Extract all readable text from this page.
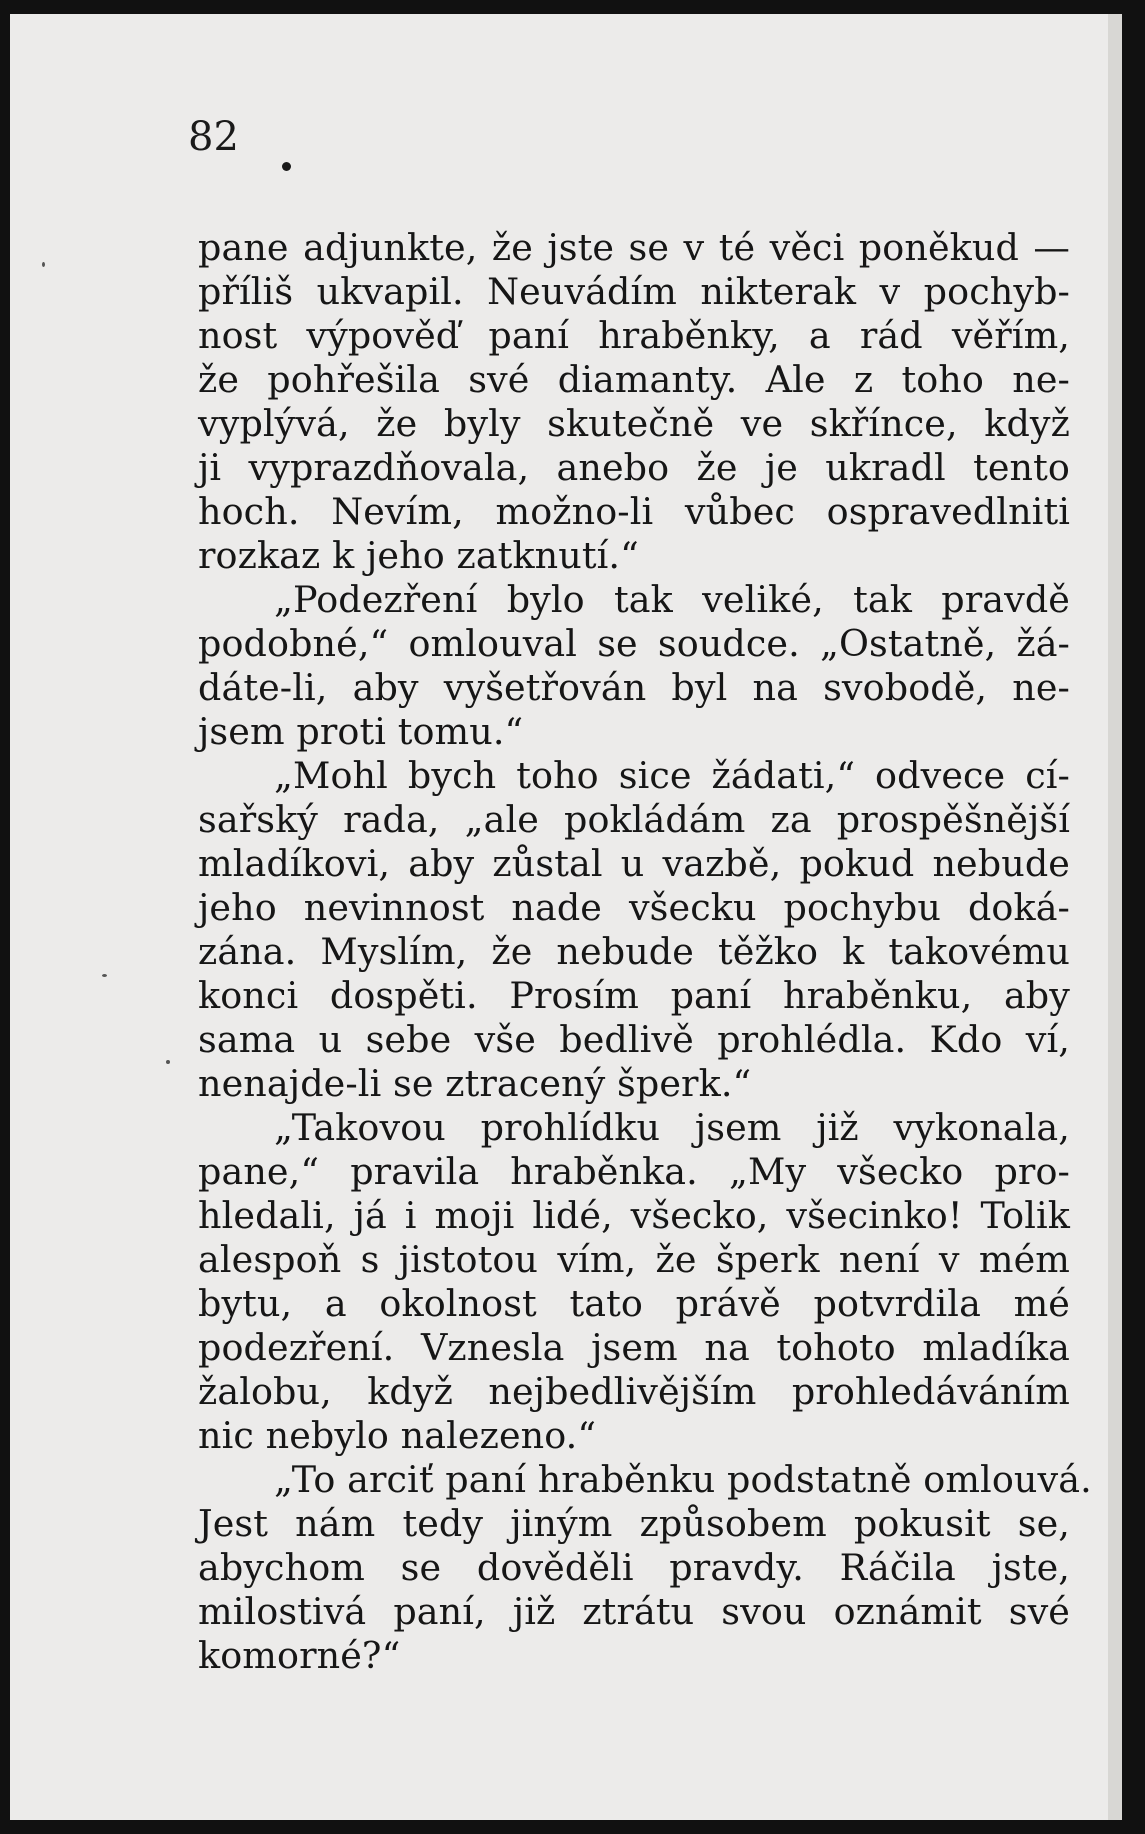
82

pane adjunkte, že jste se v té věci poněkud —
příliš ukvapil. Neuvádím nikterak v pochyb-
nost výpověď paní hraběnky, a rád věřím,
že pohřešila své diamanty. Ale z toho ne-
vyplývá, že byly skutečně ve skřínce, když
ji vyprazdňovala, anebo že je ukradl tento
hoch. Nevím, možno-li vůbec ospravedlniti
rozkaz k jeho zatknutí.“
„Podezření bylo tak veliké, tak pravdě
podobné,“ omlouval se soudce. „Ostatně, žá-
dáte-li, aby vyšetřován byl na svobodě, ne-
jsem proti tomu.“
„Mohl bych toho sice žádati,“ odvece cí-
sařský rada, „ale pokládám za prospěšnější
mladíkovi, aby zůstal u vazbě, pokud nebude
jeho nevinnost nade všecku pochybu doká-
zána. Myslím, že nebude těžko k takovému
konci dospěti. Prosím paní hraběnku, aby
sama u sebe vše bedlivě prohlédla. Kdo ví,
nenajde-li se ztracený šperk.“
„Takovou prohlídku jsem již vykonala,
pane,“ pravila hraběnka. „My všecko pro-
hledali, já i moji lidé, všecko, všecinko! Tolik
alespoň s jistotou vím, že šperk není v mém
bytu, a okolnost tato právě potvrdila mé
podezření. Vznesla jsem na tohoto mladíka
žalobu, když nejbedlivějším prohledáváním
nic nebylo nalezeno.“
„To arciť paní hraběnku podstatně omlouvá.
Jest nám tedy jiným způsobem pokusit se,
abychom se dověděli pravdy. Ráčila jste,
milostivá paní, již ztrátu svou oznámit své
komorné?“
